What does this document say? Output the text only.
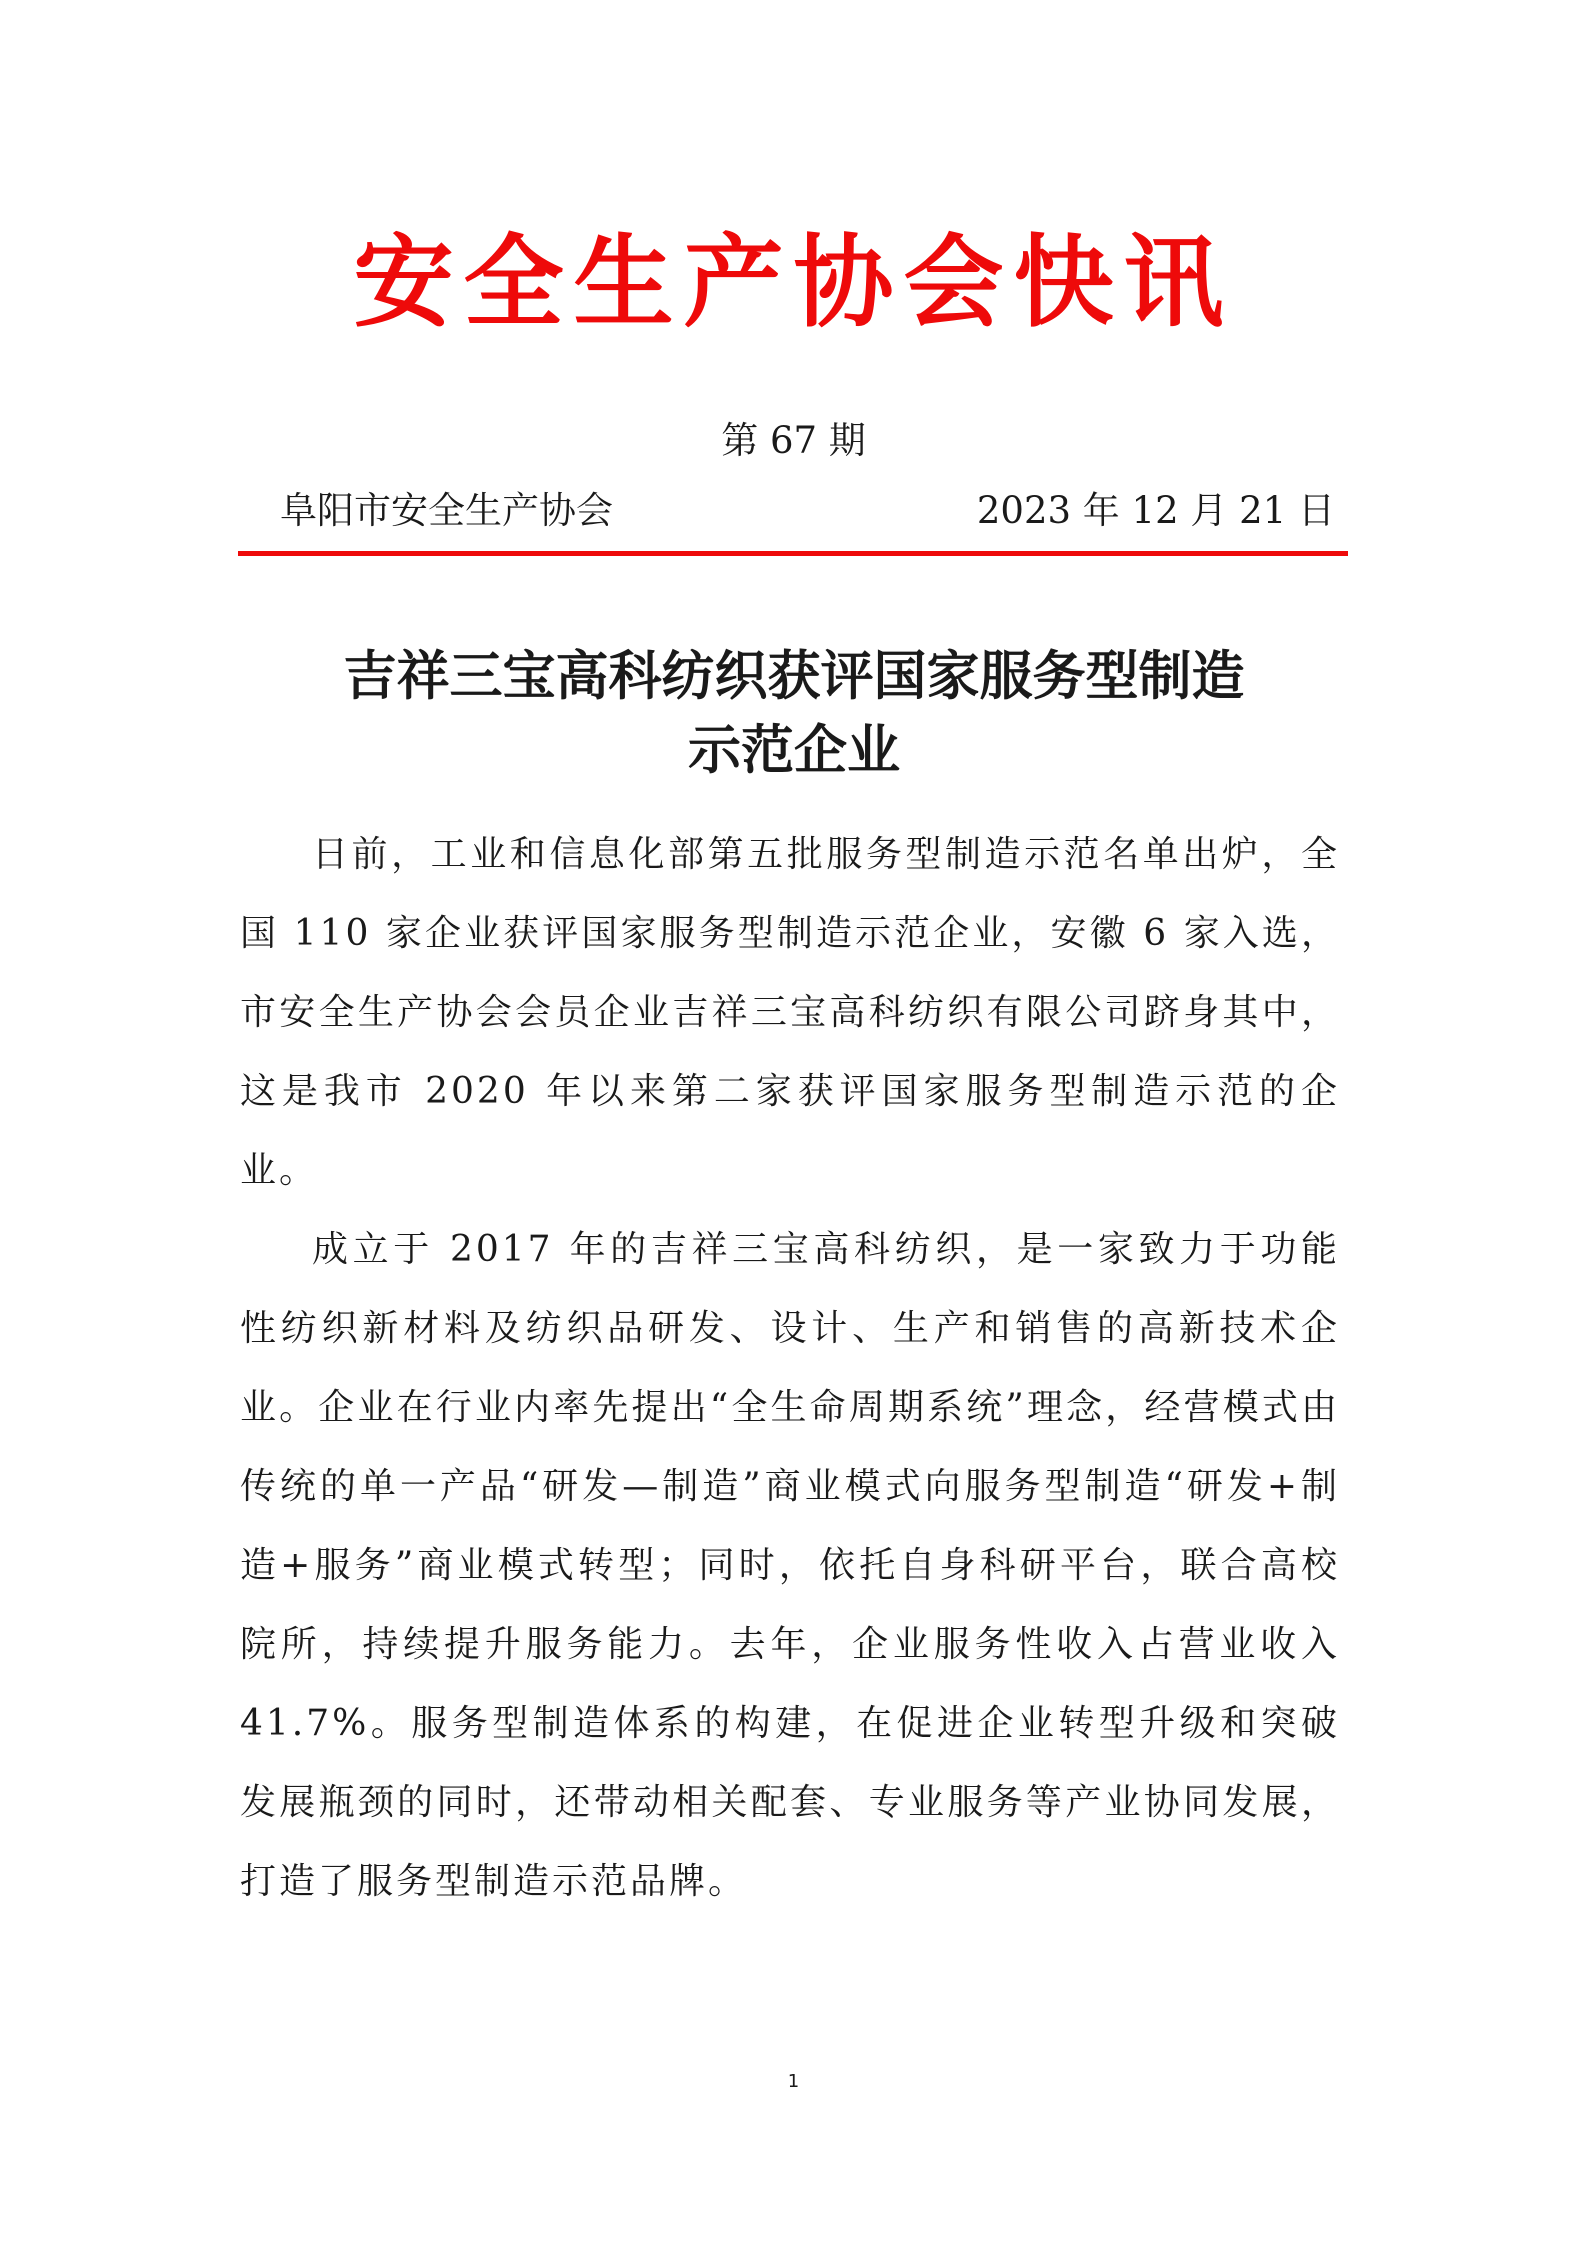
安全生产协会快讯
第 67 期
阜阳市安全生产协会	2023 年 12 月 21 日
吉祥三宝高科纺织获评国家服务型制造
示范企业

日前，工业和信息化部第五批服务型制造示范名单出炉，全国 110 家企业获评国家服务型制造示范企业，安徽 6 家入选，市安全生产协会会员企业吉祥三宝高科纺织有限公司跻身其中，这是我市 2020 年以来第二家获评国家服务型制造示范的企业。

成立于 2017 年的吉祥三宝高科纺织，是一家致力于功能性纺织新材料及纺织品研发、设计、生产和销售的高新技术企业。企业在行业内率先提出“全生命周期系统”理念，经营模式由传统的单一产品“研发—制造”商业模式向服务型制造“研发+制造+服务”商业模式转型；同时，依托自身科研平台，联合高校院所，持续提升服务能力。去年，企业服务性收入占营业收入 41.7%。服务型制造体系的构建，在促进企业转型升级和突破发展瓶颈的同时，还带动相关配套、专业服务等产业协同发展，打造了服务型制造示范品牌。

1
